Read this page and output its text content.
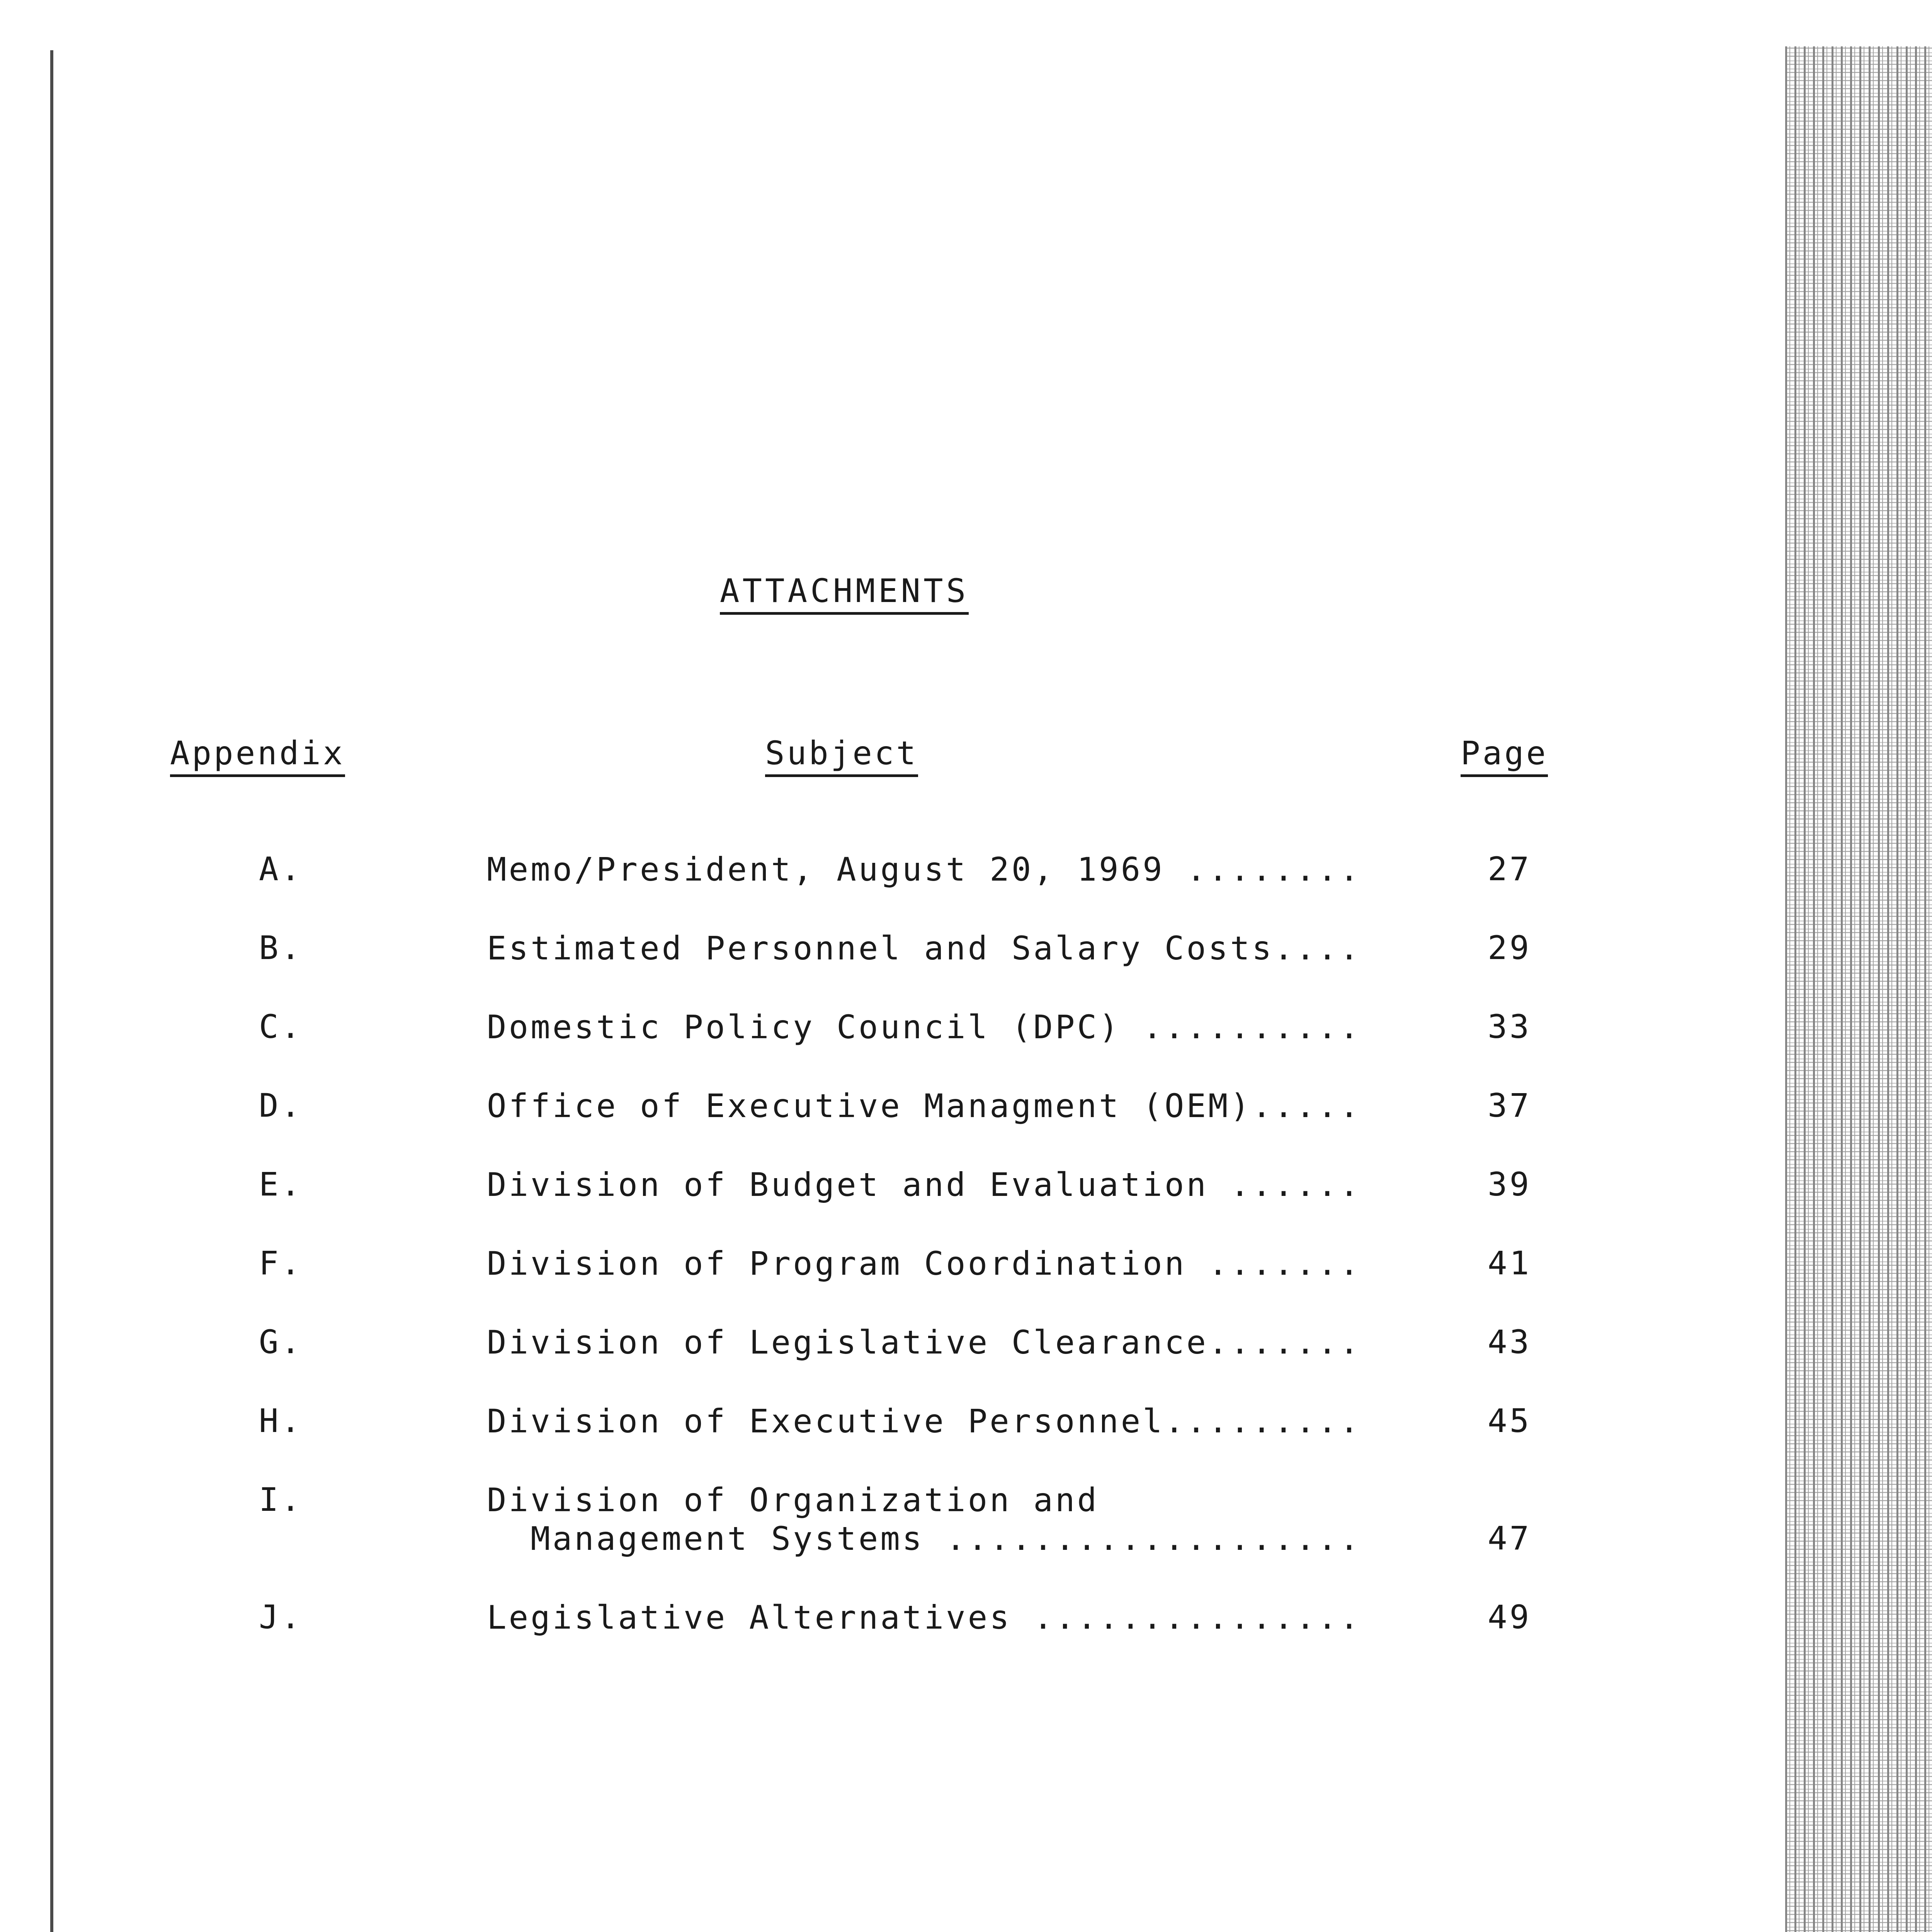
ATTACHMENTS
Appendix	Subject	Page
A.	Memo/President, August 20, 1969 ........	27
B.	Estimated Personnel and Salary Costs....	29
C.	Domestic Policy Council (DPC) ..........	33
D.	Office of Executive Managment (OEM).....	37
E.	Division of Budget and Evaluation ......	39
F.	Division of Program Coordination .......	41
G.	Division of Legislative Clearance.......	43
H.	Division of Executive Personnel.........	45
I.	Division of Organization and
Management Systems ...................	47
J.	Legislative Alternatives ...............	49
